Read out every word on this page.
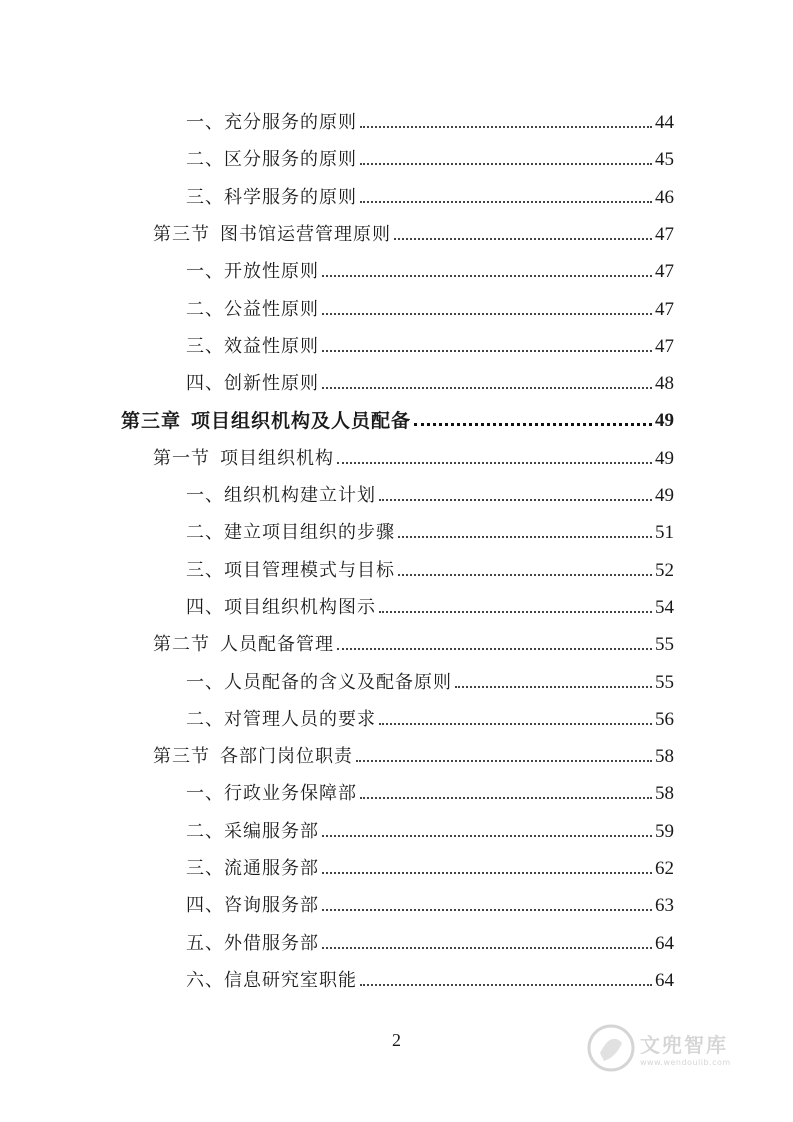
一、充分服务的原则	44
二、区分服务的原则	45
三、科学服务的原则	46
第三节 图书馆运营管理原则	47
一、开放性原则	47
二、公益性原则	47
三、效益性原则	47
四、创新性原则	48
第三章 项目组织机构及人员配备	49
第一节 项目组织机构	49
一、组织机构建立计划	49
二、建立项目组织的步骤	51
三、项目管理模式与目标	52
四、项目组织机构图示	54
第二节 人员配备管理	55
一、人员配备的含义及配备原则	55
二、对管理人员的要求	56
第三节 各部门岗位职责	58
一、行政业务保障部	58
二、采编服务部	59
三、流通服务部	62
四、咨询服务部	63
五、外借服务部	64
六、信息研究室职能	64
2	文兜智库
www.wendoulib.com
